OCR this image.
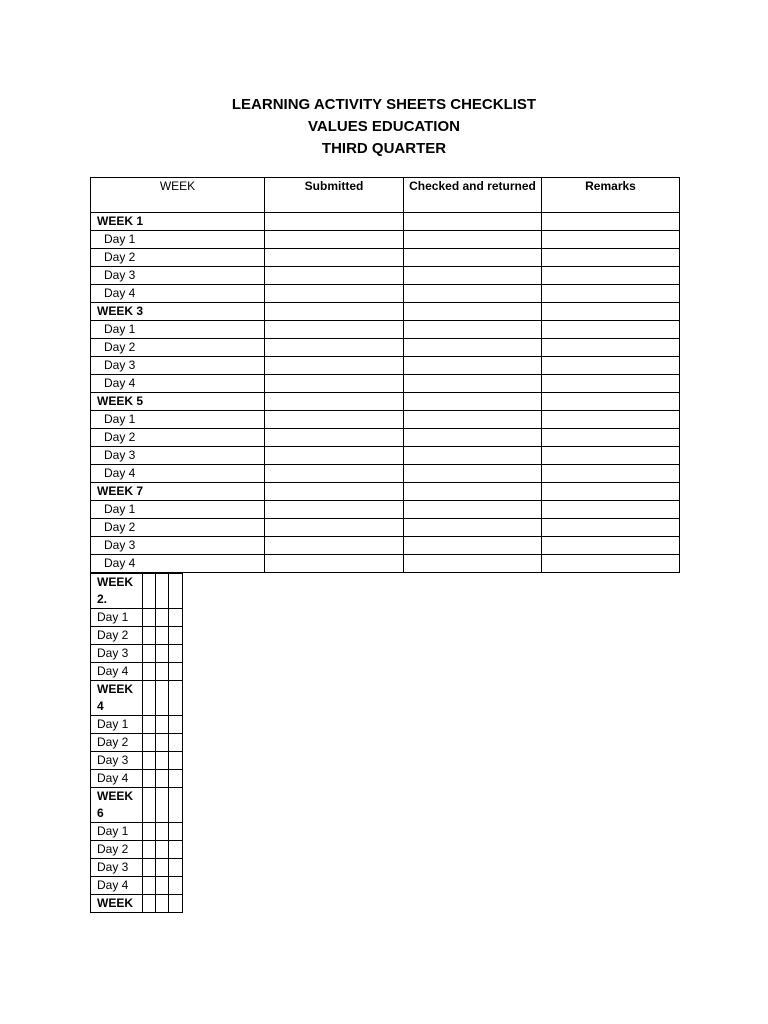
LEARNING ACTIVITY SHEETS CHECKLIST
VALUES EDUCATION
THIRD QUARTER
WEEK	Submitted	Checked and returned	Remarks
WEEK 1			
Day 1			
Day 2			
Day 3			
Day 4			
WEEK 3			
Day 1			
Day 2			
Day 3			
Day 4			
WEEK 5			
Day 1			
Day 2			
Day 3			
Day 4			
WEEK 7			
Day 1			
Day 2			
Day 3			
Day 4			
WEEK 2.			
Day 1			
Day 2			
Day 3			
Day 4			
WEEK 4			
Day 1			
Day 2			
Day 3			
Day 4			
WEEK 6			
Day 1			
Day 2			
Day 3			
Day 4			
WEEK			
